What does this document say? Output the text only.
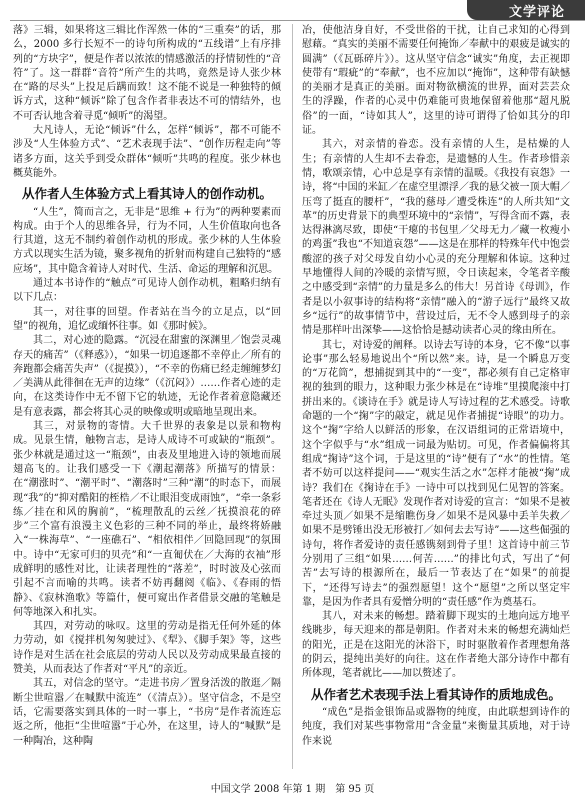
文学评论

落》三辑，如果将这三辑比作浑然一体的“三重奏”的话，那么，2000 多行长短不一的诗句所构成的“五线谱”上有序排列的“方块字”，便是作者以浓浓的情感激活的抒情韧性的“音符”了。这一群群“音符”所产生的共鸣，竟然是诗人张少林在“路的尽头”上投足后蹒而致！这不能不说是一种独特的倾诉方式，这种“倾诉”除了包含作者非表达不可的情结外，也不可否认地含着寻觅“倾听”的渴望。

大凡诗人，无论“倾诉”什么，怎样“倾诉”，都不可能不涉及“人生体验方式”、“艺术表现手法”、“创作历程走向”等诸多方面，这关乎到受众群体“倾听”共鸣的程度。张少林也概莫能外。

从作者人生体验方式上看其诗人的创作动机。

“人生”，简而言之，无非是“思维 + 行为”的两种要素而构成。由于个人的思维各异，行为不同，人生价值取向也各行其道，这无不制约着创作动机的形成。张少林的人生体验方式以现实生活为镜，聚多视角的折射而构建自己独特的“感应场”，其中隐含着诗人对时代、生活、命运的理解和沉思。

通过本书诗作的“触点”可见诗人创作动机，粗略归纳有以下几点：

其一，对往事的回望。作者站在当今的立足点，以“回望”的视角，追忆或缅怀往事。如《那时候》。

其二，对心迹的隐露。“沉浸在甜蜜的深渊里／饱尝灵魂存天的痛苦”（《释惑》），“如果一切追逐都不幸停止／所有的奔跑都会痛苦失声”（《捉摸》），“不幸的伤痛已经走缠缠梦幻／美满从此徘徊在无声的边缘”（《沉闷》）……作者心迹的走向，在这类诗作中无不留下它的轨迹，无论作者着意隐藏还是有意表露，都会将其心灵的映像或明或暗地呈现出来。

其三，对景物的寄情。大千世界的表象是以景和物构成。见景生情，触物言志，是诗人成诗不可或缺的“瓶颈”。张少林就是通过这一“瓶颈”，由表及里地进入诗的领地而展翅高飞的。让我们感受一下《潮起潮落》所描写的情景：在“潮涨时”、“潮平时”、“潮落时”三种“潮”的时态下，而展现“我”的“抑对酷阳的桎梏／不让眼泪变成雨蚀”，“牵一条彩练／挂在和风的胸前”，“梳理散乱的云丝／抚摸浪花的碎步”三个富有浪漫主义色彩的三种不同的举止，最终将娇融入“一株海草”、“一座礁石”、“相依相伴／回隐回现”的氛围中。诗中“无家可归的贝壳”和“一直匍伏在／大海的衣袖”形成鲜明的感性对比，让读者理性的“落差”，时时波及心弦而引起不言而喻的共鸣。读者不妨再翻阅《临》、《春雨的悟静》、《寂林渔歌》等篇什，便可窥出作者借景交融的笔触是何等地深入和扎实。

其四，对劳动的咏叹。这里的劳动是指无任何外延的体力劳动，如《搅拌机匆匆驶过》、《犁》、《脚手架》等，这些诗作是对生活在社会底层的劳动人民以及劳动成果最直接的赞美，从而表达了作者对“平凡”的亲近。

其五，对信念的坚守。“走进书房／置身活泼的散逛／隔断尘世喧嚣／在喊默中流连”（《清点》）。坚守信念，不是空话，它需要落实到具体的一时一事上，“书房”是作者流连忘返之所，他拒“尘世喧嚣”于心外，在这里，诗人的“喊默”是一种陶冶，这种陶

冶，使他洁身自好，不受世俗的干扰，让自己求知的心得到慰藉。“真实的美丽不需要任何掩饰／奉献中的艰疲是诚实的圆满”（《瓦砾碎片》）。这从坚守信念“诚实”角度，去正视即使带有“瑕疵”的“奉献”，也不应加以“掩饰”，这种带有缺憾的美丽才是真正的美丽。面对物欲横流的世界，面对芸芸众生的浮躁，作者的心灵中仍难能可贵地保留着他那“超凡脱俗”的一面，“诗如其人”，这里的诗可谓得了恰如其分的印证。

其六，对亲情的眷恋。没有亲情的人生，是枯燥的人生；有亲情的人生却不去眷恋，是遗憾的人生。作者珍惜亲情，歌颂亲情，心中总是享有亲情的温暖。《我投有哀怨》一诗，将“中国的米缸／在虚空里漂浮／我的悬父被一顶大帽／压弯了挺直的腰杆”，“我的慈母／遭受株连”的人所共知“文革”的历史背景下的典型环境中的“亲情”，写得含而不露，表达得淋漓尽致，即使“干瘪的书包里／父母无力／藏一枚瘦小的鸡蛋”我也“不知道哀怨”——这是在那样的特殊年代中饱尝酸涩的孩子对父母发自幼小心灵的充分理解和体谅。这种过早地懂得人间的冷暖的亲情写照，令日读起来，令笔者辛酸之中感受到“亲情”的力量是多么的伟大！另首诗《母训》，作者是以小叙事诗的结构将“亲情”融入的“游子远行”最终又故乡“远行”的故事情节中，营设过后，无不令人感到母子的亲情是那样叶出深挚——这恰恰是撼动读者心灵的缘由所在。

其七，对诗爱的阐释。以诗去写诗的本身，它不像“以事论事”那么轻易地说出个“所以然”来。诗，是一个瞬息万变的“万花筒”，想捕捉到其中的“一变”，都必须有自己定格审视的独到的眼力，这种眼力张少林是在“诗堆”里摸爬滚中打拼出来的。《谈诗在手》就是诗人写诗过程的艺术感受。诗歌命题的一个“掬”字的敲定，就足见作者捕捉“诗眼”的功力。这个“掬”字给人以鲜活的形象，在汉语组词的正常语境中，这个字似乎与“水”组成一词最为贴切。可见，作者偏偏将其组成“掬诗”这个词，于是这里的“诗”便有了“水”的性情。笔者不妨可以这样提问——“观实生活之水”怎样才能被“掬”成诗？我们在《掬诗在手》一诗中可以找到见仁见智的答案。笔者还在《诗人无眠》发现作者对诗爱的宣言：“如果不是被牵过头顶／如果不是缩瞧伤身／如果不是风暴中丢羊失救／如果不是劈锤出没无形被打／如何去去写诗”——这些倔强的诗句，将作者爱诗的责任感镌刻到骨子里！这首诗中前三节分别用了三组“如果……何苦……”的排比句式，写出了“何苦”去写诗的根源所在，最后一节表达了在“如果”的前提下，“还得写诗去”的强烈愿望！这个“愿望”之所以坚定牢靠，是因为作者具有爱憎分明的“责任感”作为奠基石。

其八，对未来的畅想。踏着脚下现实的土地向远方地平线眺步，每天迎来的都是朝阳。作者对未来的畅想充满灿烂的阳光，正是在这阳光的沐浴下，时时驱散着作者理想角落的阴云，提纯出美好的向往。这在作者绝大部分诗作中都有所体现，笔者就比——加以赘述了。

从作者艺术表现手法上看其诗作的质地成色。

“成色”是指金银饰品或器物的纯度，由此联想到诗作的纯度，我们对某些事物常用“含金量”来衡量其质地，对于诗作来说

中国文学 2008 年第 1 期　第 95 页
